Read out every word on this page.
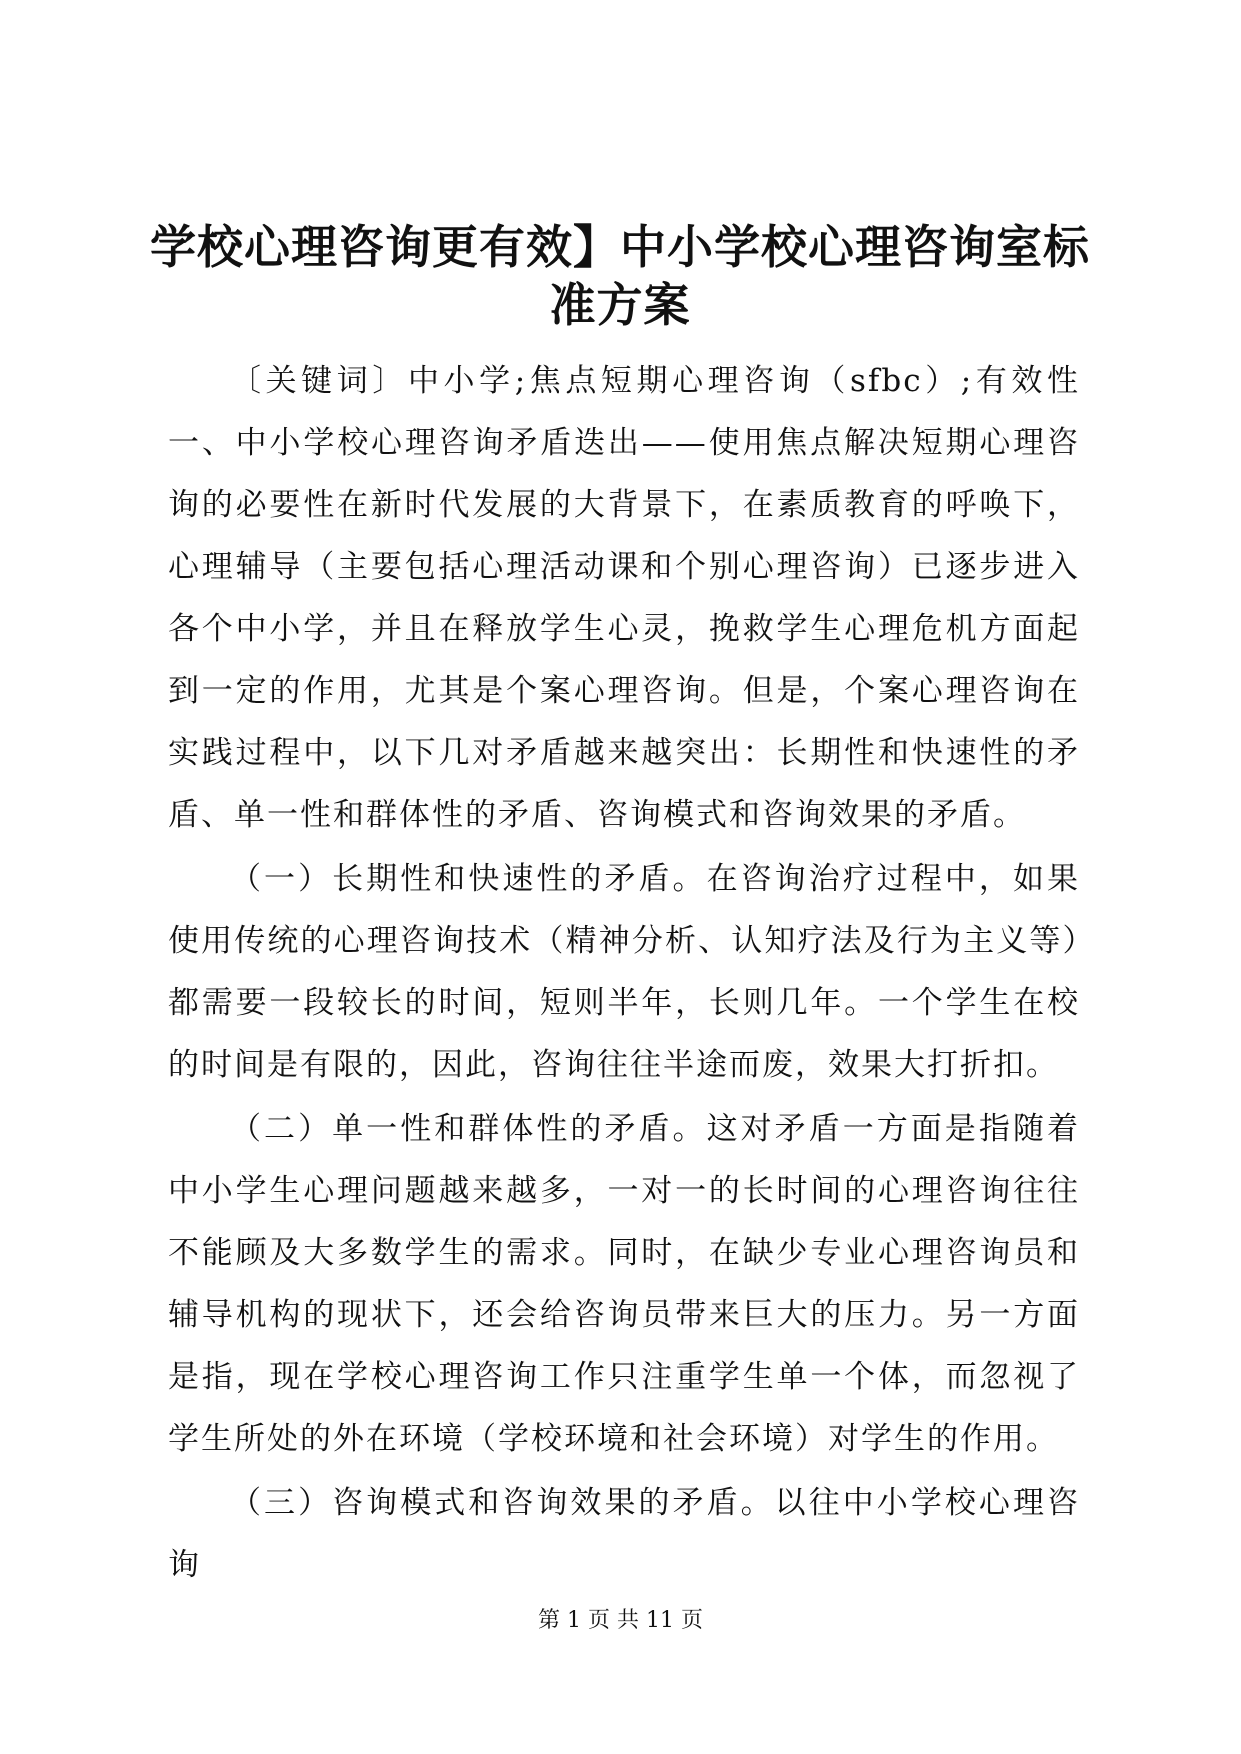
学校心理咨询更有效】中小学校心理咨询室标准方案

〔关键词〕中小学;焦点短期心理咨询（sfbc）;有效性一、中小学校心理咨询矛盾迭出——使用焦点解决短期心理咨询的必要性在新时代发展的大背景下，在素质教育的呼唤下，心理辅导（主要包括心理活动课和个别心理咨询）已逐步进入各个中小学，并且在释放学生心灵，挽救学生心理危机方面起到一定的作用，尤其是个案心理咨询。但是，个案心理咨询在实践过程中，以下几对矛盾越来越突出：长期性和快速性的矛盾、单一性和群体性的矛盾、咨询模式和咨询效果的矛盾。

（一）长期性和快速性的矛盾。在咨询治疗过程中，如果使用传统的心理咨询技术（精神分析、认知疗法及行为主义等）都需要一段较长的时间，短则半年，长则几年。一个学生在校的时间是有限的，因此，咨询往往半途而废，效果大打折扣。

（二）单一性和群体性的矛盾。这对矛盾一方面是指随着中小学生心理问题越来越多，一对一的长时间的心理咨询往往不能顾及大多数学生的需求。同时，在缺少专业心理咨询员和辅导机构的现状下，还会给咨询员带来巨大的压力。另一方面是指，现在学校心理咨询工作只注重学生单一个体，而忽视了学生所处的外在环境（学校环境和社会环境）对学生的作用。

（三）咨询模式和咨询效果的矛盾。以往中小学校心理咨询

第 1 页 共 11 页
